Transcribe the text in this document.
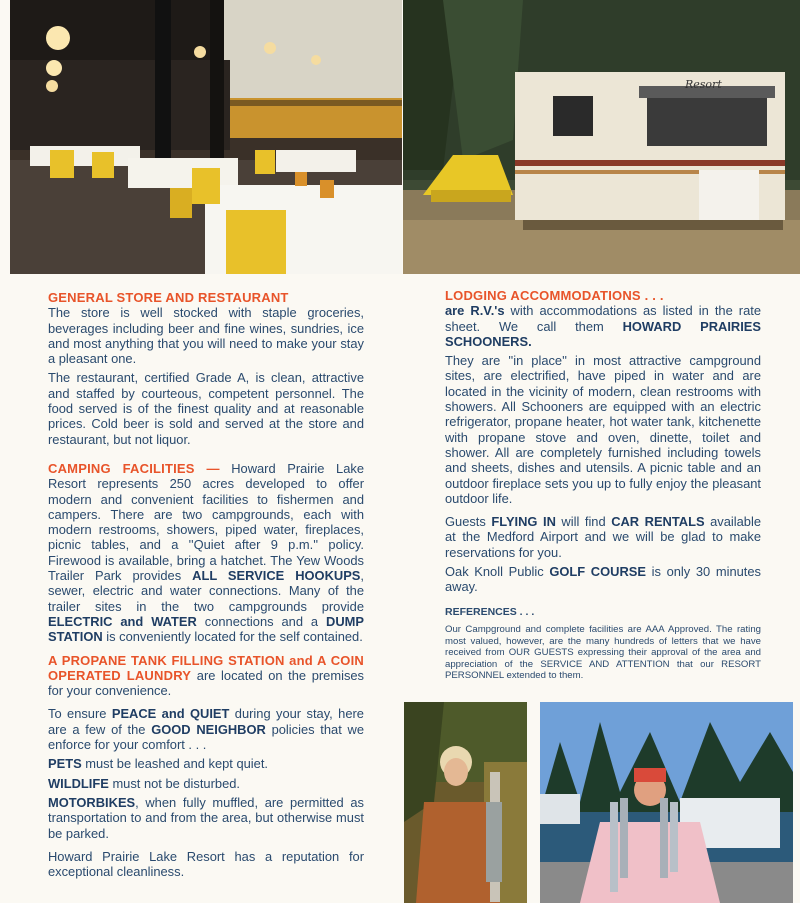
Resort
GENERAL STORE AND RESTAURANT

The store is well stocked with staple groceries, beverages including beer and fine wines, sundries, ice and most anything that you will need to make your stay a pleasant one.

The restaurant, certified Grade A, is clean, attractive and staffed by courteous, competent personnel. The food served is of the finest quality and at reasonable prices. Cold beer is sold and served at the store and restaurant, but not liquor.

CAMPING FACILITIES — Howard Prairie Lake Resort represents 250 acres developed to offer modern and convenient facilities to fishermen and campers. There are two campgrounds, each with modern restrooms, showers, piped water, fireplaces, picnic tables, and a ''Quiet after 9 p.m.'' policy. Firewood is available, bring a hatchet. The Yew Woods Trailer Park provides ALL SERVICE HOOKUPS, sewer, electric and water connections. Many of the trailer sites in the two campgrounds provide ELECTRIC and WATER connections and a DUMP STATION is conveniently located for the self contained.

A PROPANE TANK FILLING STATION and A COIN OPERATED LAUNDRY are located on the premises for your convenience.

To ensure PEACE and QUIET during your stay, here are a few of the GOOD NEIGHBOR policies that we enforce for your comfort . . .

PETS must be leashed and kept quiet.

WILDLIFE must not be disturbed.

MOTORBIKES, when fully muffled, are permitted as transportation to and from the area, but otherwise must be parked.

Howard Prairie Lake Resort has a reputation for exceptional cleanliness.

LODGING ACCOMMODATIONS . . .

are R.V.'s with accommodations as listed in the rate sheet. We call them HOWARD PRAIRIES SCHOONERS.

They are ''in place'' in most attractive campground sites, are electrified, have piped in water and are located in the vicinity of modern, clean restrooms with showers. All Schooners are equipped with an electric refrigerator, propane heater, hot water tank, kitchenette with propane stove and oven, dinette, toilet and shower. All are completely furnished including towels and sheets, dishes and utensils. A picnic table and an outdoor fireplace sets you up to fully enjoy the pleasant outdoor life.

Guests FLYING IN will find CAR RENTALS available at the Medford Airport and we will be glad to make reservations for you.

Oak Knoll Public GOLF COURSE is only 30 minutes away.

REFERENCES . . .
Our Campground and complete facilities are AAA Approved. The rating most valued, however, are the many hundreds of letters that we have received from OUR GUESTS expressing their approval of the area and appreciation of the SERVICE AND ATTENTION that our RESORT PERSONNEL extended to them.
